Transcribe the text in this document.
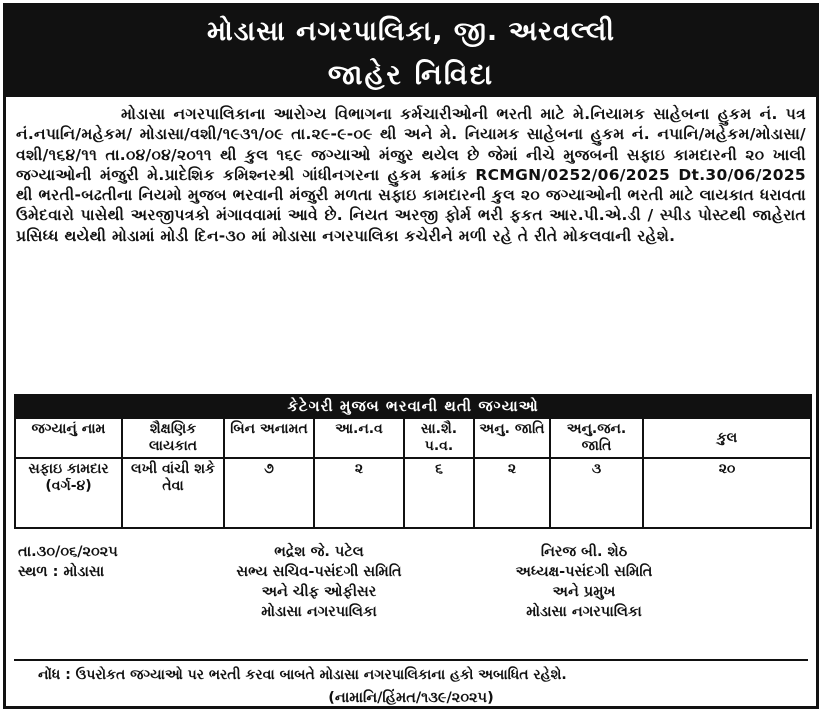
મોડાસા નગરપાલિકા, જી. અરવલ્લી
જાહેર નિવિદા
મોડાસા નગરપાલિકાના આરોગ્ય વિભાગના કર્મચારીઓની ભરતી માટે મે.નિયામક સાહેબના હુકમ નં. પત્ર નં.નપાનિ/મહેકમ/ મોડાસા/વશી/૧૯૩૧/૦૯ તા.૨૯-૯-૦૯ થી અને મે. નિયામક સાહેબના હુકમ નં. નપાનિ/મહેકમ/મોડાસા/ વશી/૧૬૪/૧૧ તા.૦૪/૦૪/૨૦૧૧ થી કુલ ૧૬૯ જગ્યાઓ મંજુર થયેલ છે જેમાં નીચે મુજબની સફાઇ કામદારની ૨૦ ખાલી જગ્યાઓની મંજુરી મે.પ્રાદેશિક કમિશ્નરશ્રી ગાંધીનગરના હુકમ ક્રમાંક RCMGN/0252/06/2025 Dt.30/06/2025 થી ભરતી-બઢતીના નિયમો મુજબ ભરવાની મંજુરી મળતા સફાઇ કામદારની કુલ ૨૦ જગ્યાઓની ભરતી માટે લાયકાત ધરાવતા ઉમેદવારો પાસેથી અરજીપત્રકો મંગાવવામાં આવે છે. નિયત અરજી ફોર્મ ભરી ફકત આર.પી.એ.ડી / સ્પીડ પોસ્ટથી જાહેરાત પ્રસિધ્ધ થયેથી મોડામાં મોડી દિન-૩૦ માં મોડાસા નગરપાલિકા કચેરીને મળી રહે તે રીતે મોકલવાની રહેશે.
કેટેગરી મુજબ ભરવાની થતી જગ્યાઓ							
જગ્યાનું નામ	શૈક્ષણિક લાયકાત	બિન અનામત	આ.ન.વ	સા.શૈ. પ.વ.	અનુ. જાતિ	અનુ.જન. જાતિ	કુલ
સફાઇ કામદાર (વર્ગ-૪)	લખી વાંચી શકે તેવા	૭	૨	૬	૨	૩	૨૦
તા.૩૦/૦૬/૨૦૨૫
સ્થળ : મોડાસા
ભદ્રેશ જે. પટેલ
સભ્ય સચિવ-પસંદગી સમિતિ
અને ચીફ ઓફીસર
મોડાસા નગરપાલિકા
નિરજ બી. શેઠ
અધ્યક્ષ-પસંદગી સમિતિ
અને પ્રમુખ
મોડાસા નગરપાલિકા
નોંધ : ઉપરોકત જગ્યાઓ પર ભરતી કરવા બાબતે મોડાસા નગરપાલિકાના હકો અબાધિત રહેશે.
(નામાનિ/હિંમત/૧૩૯/૨૦૨૫)
